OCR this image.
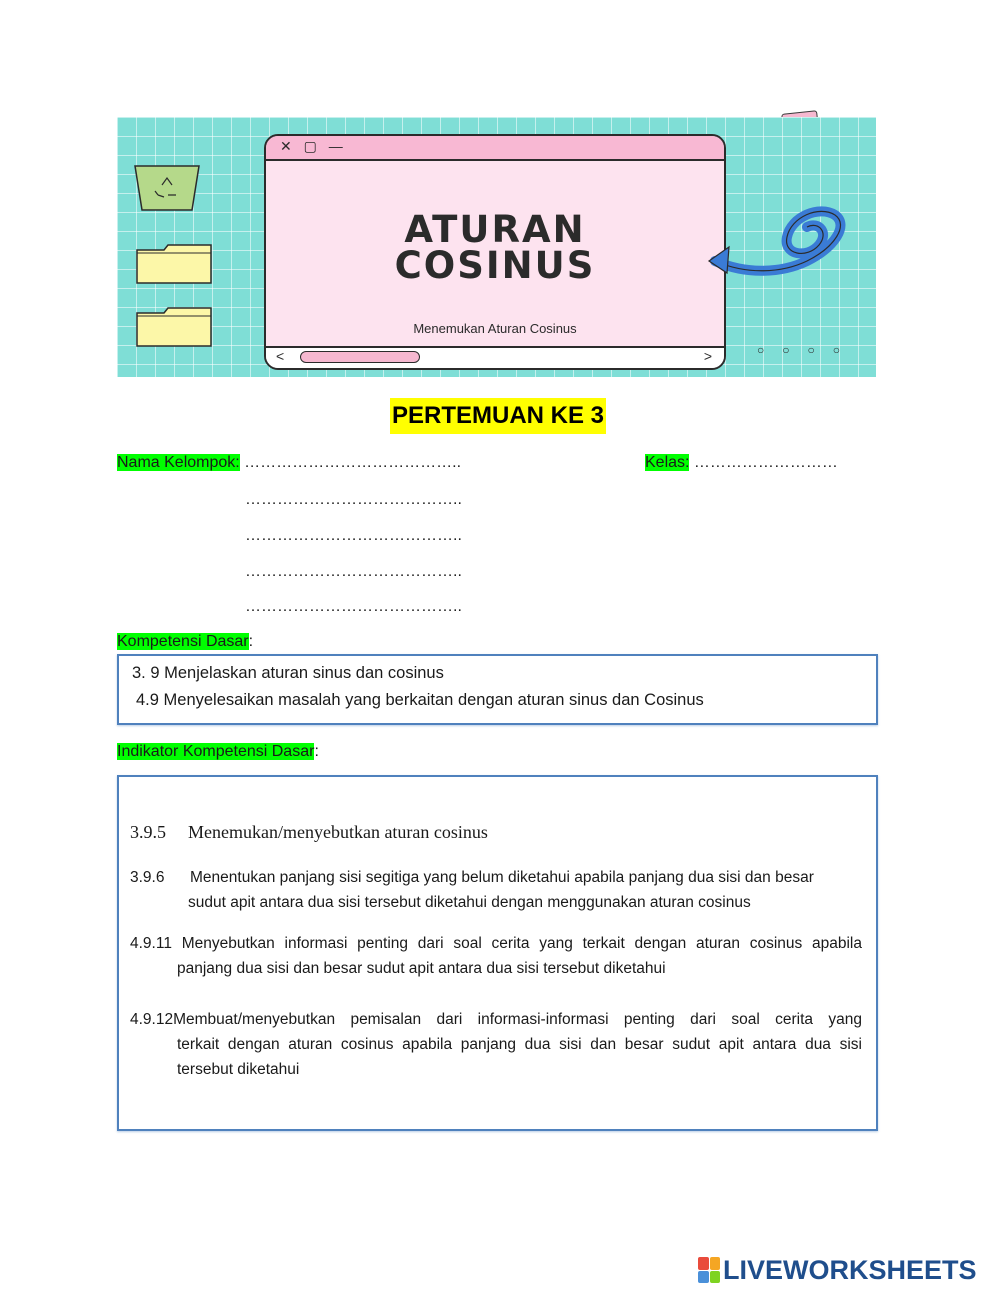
✕ ▢ —
ATURAN
COSINUS
Menemukan Aturan Cosinus
<	>	○○○○
PERTEMUAN KE 3
Nama Kelompok: …………………………………..	Kelas: ………………………
…………………………………..
…………………………………..
…………………………………..
…………………………………..
Kompetensi Dasar:
3. 9 Menjelaskan aturan sinus dan cosinus
4.9 Menyelesaikan masalah yang berkaitan dengan aturan sinus dan Cosinus
Indikator Kompetensi Dasar:
3.9.5 Menemukan/menyebutkan aturan cosinus
3.9.6 Menentukan panjang sisi segitiga yang belum diketahui apabila panjang dua sisi dan besar
sudut apit antara dua sisi tersebut diketahui dengan menggunakan aturan cosinus
4.9.11 Menyebutkan informasi penting dari soal cerita yang terkait dengan aturan cosinus apabila
panjang dua sisi dan besar sudut apit antara dua sisi tersebut diketahui
4.9.12Membuat/menyebutkan pemisalan dari informasi-informasi penting dari soal cerita yang
terkait dengan aturan cosinus apabila panjang dua sisi dan besar sudut apit antara dua sisi
tersebut diketahui
LIVEWORKSHEETS
